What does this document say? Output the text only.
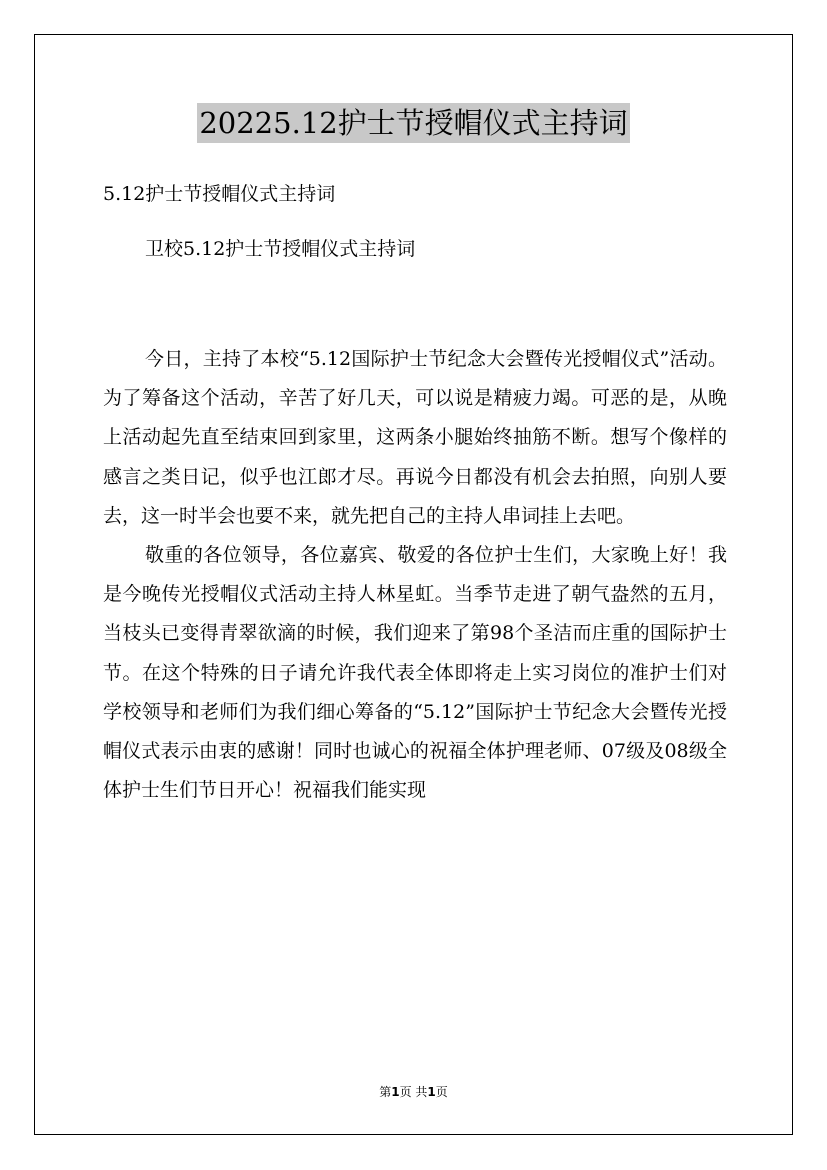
20225.12护士节授帽仪式主持词
5.12护士节授帽仪式主持词
卫校5.12护士节授帽仪式主持词

今日，主持了本校“5.12国际护士节纪念大会暨传光授帽仪式”活动。为了筹备这个活动，辛苦了好几天，可以说是精疲力竭。可恶的是，从晚上活动起先直至结束回到家里，这两条小腿始终抽筋不断。想写个像样的感言之类日记，似乎也江郎才尽。再说今日都没有机会去拍照，向别人要去，这一时半会也要不来，就先把自己的主持人串词挂上去吧。

敬重的各位领导，各位嘉宾、敬爱的各位护士生们，大家晚上好！我是今晚传光授帽仪式活动主持人林星虹。当季节走进了朝气盎然的五月，当枝头已变得青翠欲滴的时候，我们迎来了第98个圣洁而庄重的国际护士节。在这个特殊的日子请允许我代表全体即将走上实习岗位的准护士们对学校领导和老师们为我们细心筹备的“5.12”国际护士节纪念大会暨传光授帽仪式表示由衷的感谢！同时也诚心的祝福全体护理老师、07级及08级全体护士生们节日开心！祝福我们能实现

第1页 共1页
